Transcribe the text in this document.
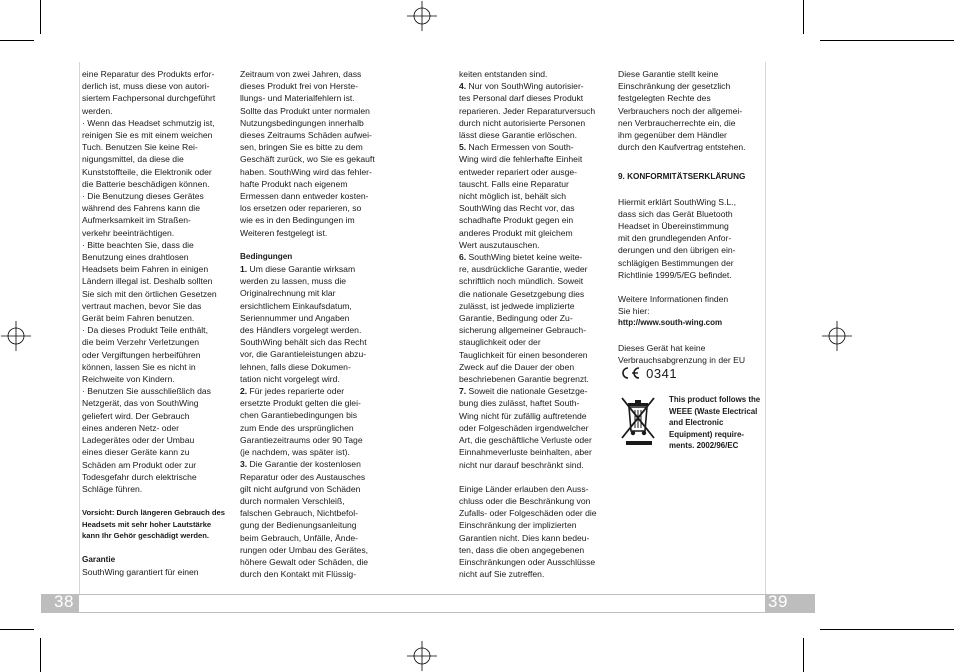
eine Reparatur des Produkts erfor-
derlich ist, muss diese von autori-
siertem Fachpersonal durchgeführt
werden.

· Wenn das Headset schmutzig ist,
reinigen Sie es mit einem weichen
Tuch. Benutzen Sie keine Rei-
nigungsmittel, da diese die
Kunststoffteile, die Elektronik oder
die Batterie beschädigen können.

· Die Benutzung dieses Gerätes
während des Fahrens kann die
Aufmerksamkeit im Straßen-
verkehr beeinträchtigen.

· Bitte beachten Sie, dass die
Benutzung eines drahtlosen
Headsets beim Fahren in einigen
Ländern illegal ist. Deshalb sollten
Sie sich mit den örtlichen Gesetzen
vertraut machen, bevor Sie das
Gerät beim Fahren benutzen.

· Da dieses Produkt Teile enthält,
die beim Verzehr Verletzungen
oder Vergiftungen herbeiführen
können, lassen Sie es nicht in
Reichweite von Kindern.

· Benutzen Sie ausschließlich das
Netzgerät, das von SouthWing
geliefert wird. Der Gebrauch
eines anderen Netz- oder
Ladegerätes oder der Umbau
eines dieser Geräte kann zu
Schäden am Produkt oder zur
Todesgefahr durch elektrische
Schläge führen.

Vorsicht: Durch längeren Gebrauch des
Headsets mit sehr hoher Lautstärke
kann Ihr Gehör geschädigt werden.

Garantie

SouthWing garantiert für einen

Zeitraum von zwei Jahren, dass
dieses Produkt frei von Herste-
llungs- und Materialfehlern ist.
Sollte das Produkt unter normalen
Nutzungsbedingungen innerhalb
dieses Zeitraums Schäden aufwei-
sen, bringen Sie es bitte zu dem
Geschäft zurück, wo Sie es gekauft
haben. SouthWing wird das fehler-
hafte Produkt nach eigenem
Ermessen dann entweder kosten-
los ersetzen oder reparieren, so
wie es in den Bedingungen im
Weiteren festgelegt ist.

Bedingungen

1. Um diese Garantie wirksam
werden zu lassen, muss die
Originalrechnung mit klar
ersichtlichem Einkaufsdatum,
Seriennummer und Angaben
des Händlers vorgelegt werden.
SouthWing behält sich das Recht
vor, die Garantieleistungen abzu-
lehnen, falls diese Dokumen-
tation nicht vorgelegt wird.

2. Für jedes reparierte oder
ersetzte Produkt gelten die glei-
chen Garantiebedingungen bis
zum Ende des ursprünglichen
Garantiezeitraums oder 90 Tage
(je nachdem, was später ist).

3. Die Garantie der kostenlosen
Reparatur oder des Austausches
gilt nicht aufgrund von Schäden
durch normalen Verschleiß,
falschen Gebrauch, Nichtbefol-
gung der Bedienungsanleitung
beim Gebrauch, Unfälle, Ände-
rungen oder Umbau des Gerätes,
höhere Gewalt oder Schäden, die
durch den Kontakt mit Flüssig-

keiten entstanden sind.

4. Nur von SouthWing autorisier-
tes Personal darf dieses Produkt
reparieren. Jeder Reparaturversuch
durch nicht autorisierte Personen
lässt diese Garantie erlöschen.

5. Nach Ermessen von South-
Wing wird die fehlerhafte Einheit
entweder repariert oder ausge-
tauscht. Falls eine Reparatur
nicht möglich ist, behält sich
SouthWing das Recht vor, das
schadhafte Produkt gegen ein
anderes Produkt mit gleichem
Wert auszutauschen.

6. SouthWing bietet keine weite-
re, ausdrückliche Garantie, weder
schriftlich noch mündlich. Soweit
die nationale Gesetzgebung dies
zulässt, ist jedwede implizierte
Garantie, Bedingung oder Zu-
sicherung allgemeiner Gebrauch-
stauglichkeit oder der
Tauglichkeit für einen besonderen
Zweck auf die Dauer der oben
beschriebenen Garantie begrenzt.

7. Soweit die nationale Gesetzge-
bung dies zulässt, haftet South-
Wing nicht für zufällig auftretende
oder Folgeschäden irgendwelcher
Art, die geschäftliche Verluste oder
Einnahmeverluste beinhalten, aber
nicht nur darauf beschränkt sind.

Einige Länder erlauben den Auss-
chluss oder die Beschränkung von
Zufalls- oder Folgeschäden oder die
Einschränkung der implizierten
Garantien nicht. Dies kann bedeu-
ten, dass die oben angegebenen
Einschränkungen oder Ausschlüsse
nicht auf Sie zutreffen.

Diese Garantie stellt keine
Einschränkung der gesetzlich
festgelegten Rechte des
Verbrauchers noch der allgemei-
nen Verbraucherrechte ein, die
ihm gegenüber dem Händler
durch den Kaufvertrag entstehen.

9. KONFORMITÄTSERKLÄRUNG

Hiermit erklärt SouthWing S.L.,
dass sich das Gerät Bluetooth
Headset in Übereinstimmung
mit den grundlegenden Anfor-
derungen und den übrigen ein-
schlägigen Bestimmungen der
Richtlinie 1999/5/EG befindet.

Weitere Informationen finden
Sie hier:

http://www.south-wing.com

Dieses Gerät hat keine
Verbrauchsabgrenzung in der EU

0341

This product follows the
WEEE (Waste Electrical
and Electronic
Equipment) require-
ments. 2002/96/EC
38	39
